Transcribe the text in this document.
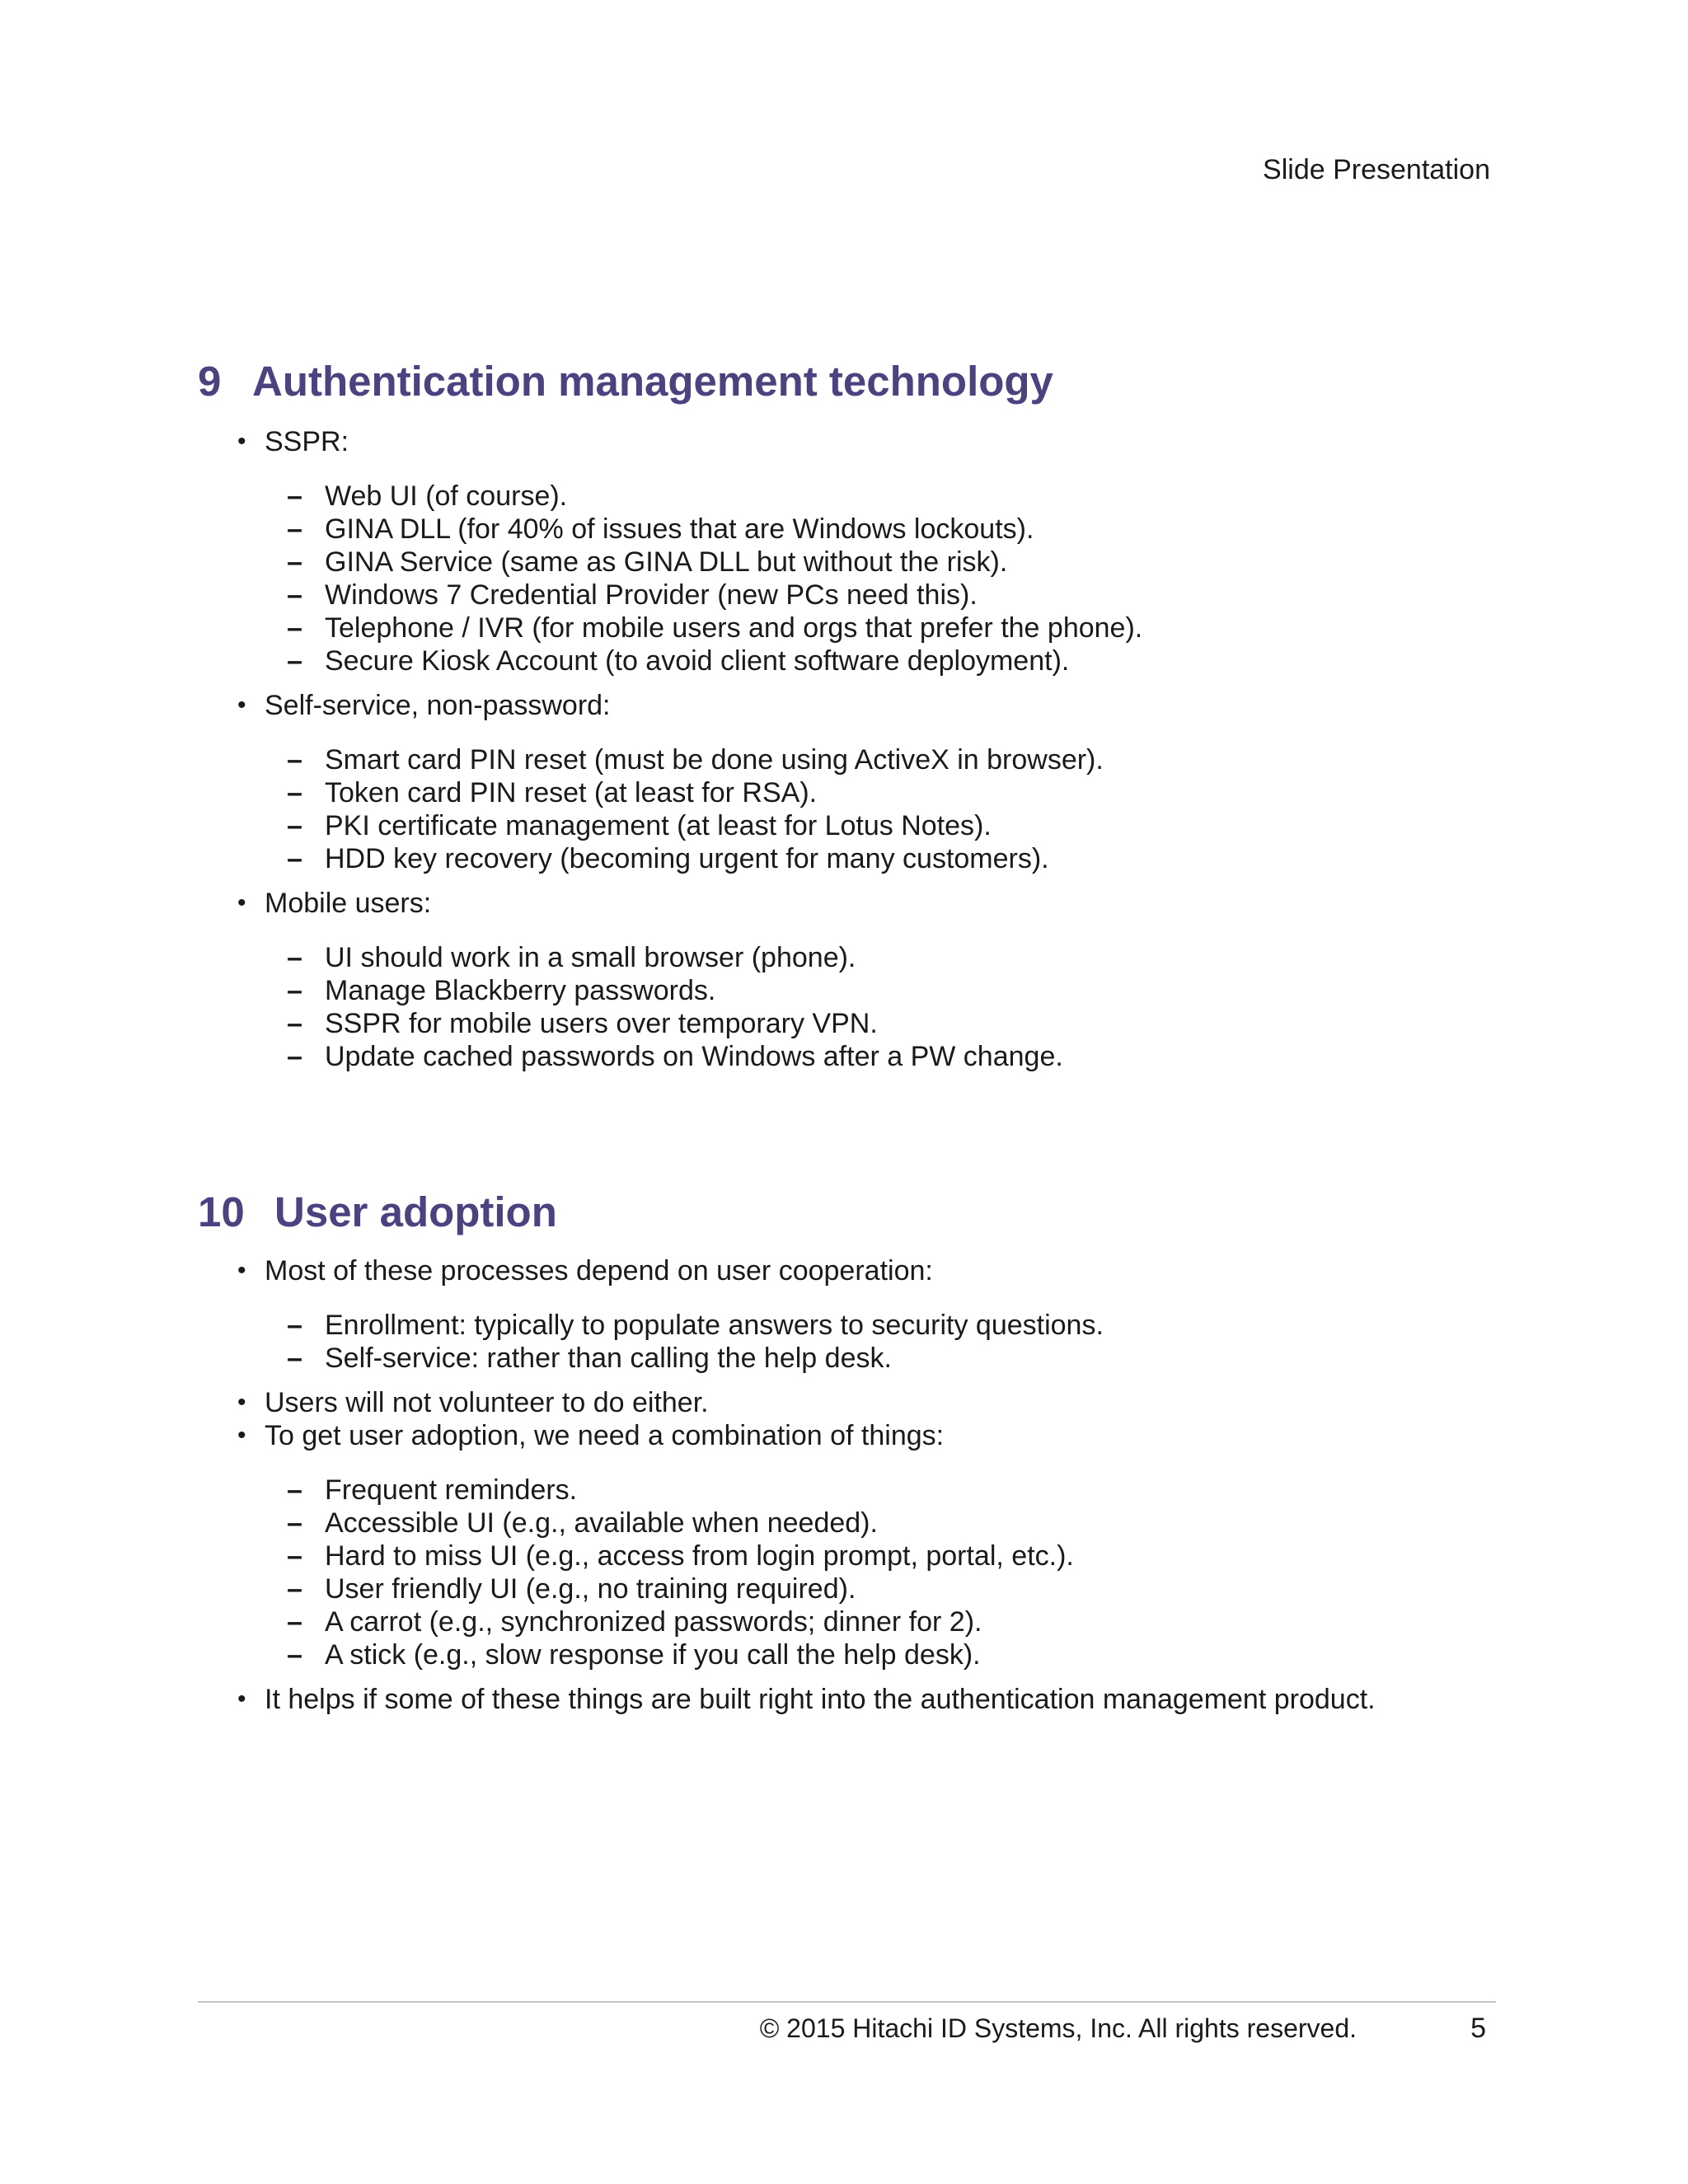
Slide Presentation
9 Authentication management technology
• SSPR:
– Web UI (of course).
– GINA DLL (for 40% of issues that are Windows lockouts).
– GINA Service (same as GINA DLL but without the risk).
– Windows 7 Credential Provider (new PCs need this).
– Telephone / IVR (for mobile users and orgs that prefer the phone).
– Secure Kiosk Account (to avoid client software deployment).
• Self-service, non-password:
– Smart card PIN reset (must be done using ActiveX in browser).
– Token card PIN reset (at least for RSA).
– PKI certificate management (at least for Lotus Notes).
– HDD key recovery (becoming urgent for many customers).
• Mobile users:
– UI should work in a small browser (phone).
– Manage Blackberry passwords.
– SSPR for mobile users over temporary VPN.
– Update cached passwords on Windows after a PW change.
10 User adoption
• Most of these processes depend on user cooperation:
– Enrollment: typically to populate answers to security questions.
– Self-service: rather than calling the help desk.
• Users will not volunteer to do either.
• To get user adoption, we need a combination of things:
– Frequent reminders.
– Accessible UI (e.g., available when needed).
– Hard to miss UI (e.g., access from login prompt, portal, etc.).
– User friendly UI (e.g., no training required).
– A carrot (e.g., synchronized passwords; dinner for 2).
– A stick (e.g., slow response if you call the help desk).
• It helps if some of these things are built right into the authentication management product.
© 2015 Hitachi ID Systems, Inc. All rights reserved.	5
